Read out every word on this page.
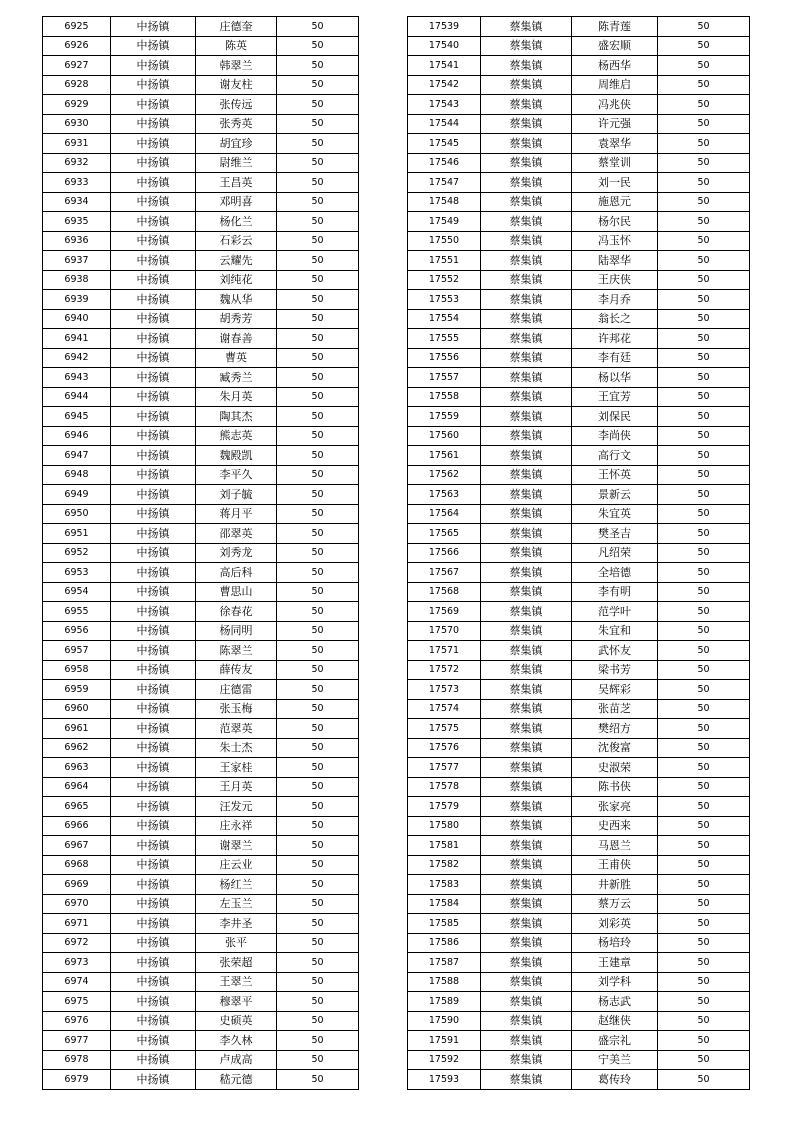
6925	中扬镇	庄德奎	50
6926	中扬镇	陈英	50
6927	中扬镇	韩翠兰	50
6928	中扬镇	谢友柱	50
6929	中扬镇	张传远	50
6930	中扬镇	张秀英	50
6931	中扬镇	胡宜珍	50
6932	中扬镇	尉维兰	50
6933	中扬镇	王昌英	50
6934	中扬镇	邓明喜	50
6935	中扬镇	杨化兰	50
6936	中扬镇	石彩云	50
6937	中扬镇	云耀先	50
6938	中扬镇	刘纯花	50
6939	中扬镇	魏从华	50
6940	中扬镇	胡秀芳	50
6941	中扬镇	谢春善	50
6942	中扬镇	曹英	50
6943	中扬镇	臧秀兰	50
6944	中扬镇	朱月英	50
6945	中扬镇	陶其杰	50
6946	中扬镇	熊志英	50
6947	中扬镇	魏殿凯	50
6948	中扬镇	李平久	50
6949	中扬镇	刘子毓	50
6950	中扬镇	蒋月平	50
6951	中扬镇	邵翠英	50
6952	中扬镇	刘秀龙	50
6953	中扬镇	高后科	50
6954	中扬镇	曹思山	50
6955	中扬镇	徐春花	50
6956	中扬镇	杨同明	50
6957	中扬镇	陈翠兰	50
6958	中扬镇	薛传友	50
6959	中扬镇	庄德雷	50
6960	中扬镇	张玉梅	50
6961	中扬镇	范翠英	50
6962	中扬镇	朱士杰	50
6963	中扬镇	王家桂	50
6964	中扬镇	王月英	50
6965	中扬镇	汪发元	50
6966	中扬镇	庄永祥	50
6967	中扬镇	谢翠兰	50
6968	中扬镇	庄云业	50
6969	中扬镇	杨红兰	50
6970	中扬镇	左玉兰	50
6971	中扬镇	李井圣	50
6972	中扬镇	张平	50
6973	中扬镇	张荣超	50
6974	中扬镇	王翠兰	50
6975	中扬镇	穆翠平	50
6976	中扬镇	史硕英	50
6977	中扬镇	李久林	50
6978	中扬镇	卢成高	50
6979	中扬镇	嵇元德	50
17539	蔡集镇	陈青莲	50
17540	蔡集镇	盛宏顺	50
17541	蔡集镇	杨西华	50
17542	蔡集镇	周维启	50
17543	蔡集镇	冯兆侠	50
17544	蔡集镇	许元强	50
17545	蔡集镇	袁翠华	50
17546	蔡集镇	蔡堂训	50
17547	蔡集镇	刘一民	50
17548	蔡集镇	施恩元	50
17549	蔡集镇	杨尔民	50
17550	蔡集镇	冯玉怀	50
17551	蔡集镇	陆翠华	50
17552	蔡集镇	王庆侠	50
17553	蔡集镇	李月乔	50
17554	蔡集镇	翁长之	50
17555	蔡集镇	许邦花	50
17556	蔡集镇	李有廷	50
17557	蔡集镇	杨以华	50
17558	蔡集镇	王宜芳	50
17559	蔡集镇	刘保民	50
17560	蔡集镇	李尚侠	50
17561	蔡集镇	高行文	50
17562	蔡集镇	王怀英	50
17563	蔡集镇	景新云	50
17564	蔡集镇	朱宜英	50
17565	蔡集镇	樊圣吉	50
17566	蔡集镇	凡绍荣	50
17567	蔡集镇	全培德	50
17568	蔡集镇	李有明	50
17569	蔡集镇	范学叶	50
17570	蔡集镇	朱宜和	50
17571	蔡集镇	武怀友	50
17572	蔡集镇	梁书芳	50
17573	蔡集镇	吴辉彩	50
17574	蔡集镇	张苗芝	50
17575	蔡集镇	樊绍方	50
17576	蔡集镇	沈俊富	50
17577	蔡集镇	史淑荣	50
17578	蔡集镇	陈书侠	50
17579	蔡集镇	张家亮	50
17580	蔡集镇	史西来	50
17581	蔡集镇	马恩兰	50
17582	蔡集镇	王甫侠	50
17583	蔡集镇	井新胜	50
17584	蔡集镇	蔡万云	50
17585	蔡集镇	刘彩英	50
17586	蔡集镇	杨培玲	50
17587	蔡集镇	王建章	50
17588	蔡集镇	刘学科	50
17589	蔡集镇	杨志武	50
17590	蔡集镇	赵继侠	50
17591	蔡集镇	盛宗礼	50
17592	蔡集镇	宁美兰	50
17593	蔡集镇	葛传玲	50
